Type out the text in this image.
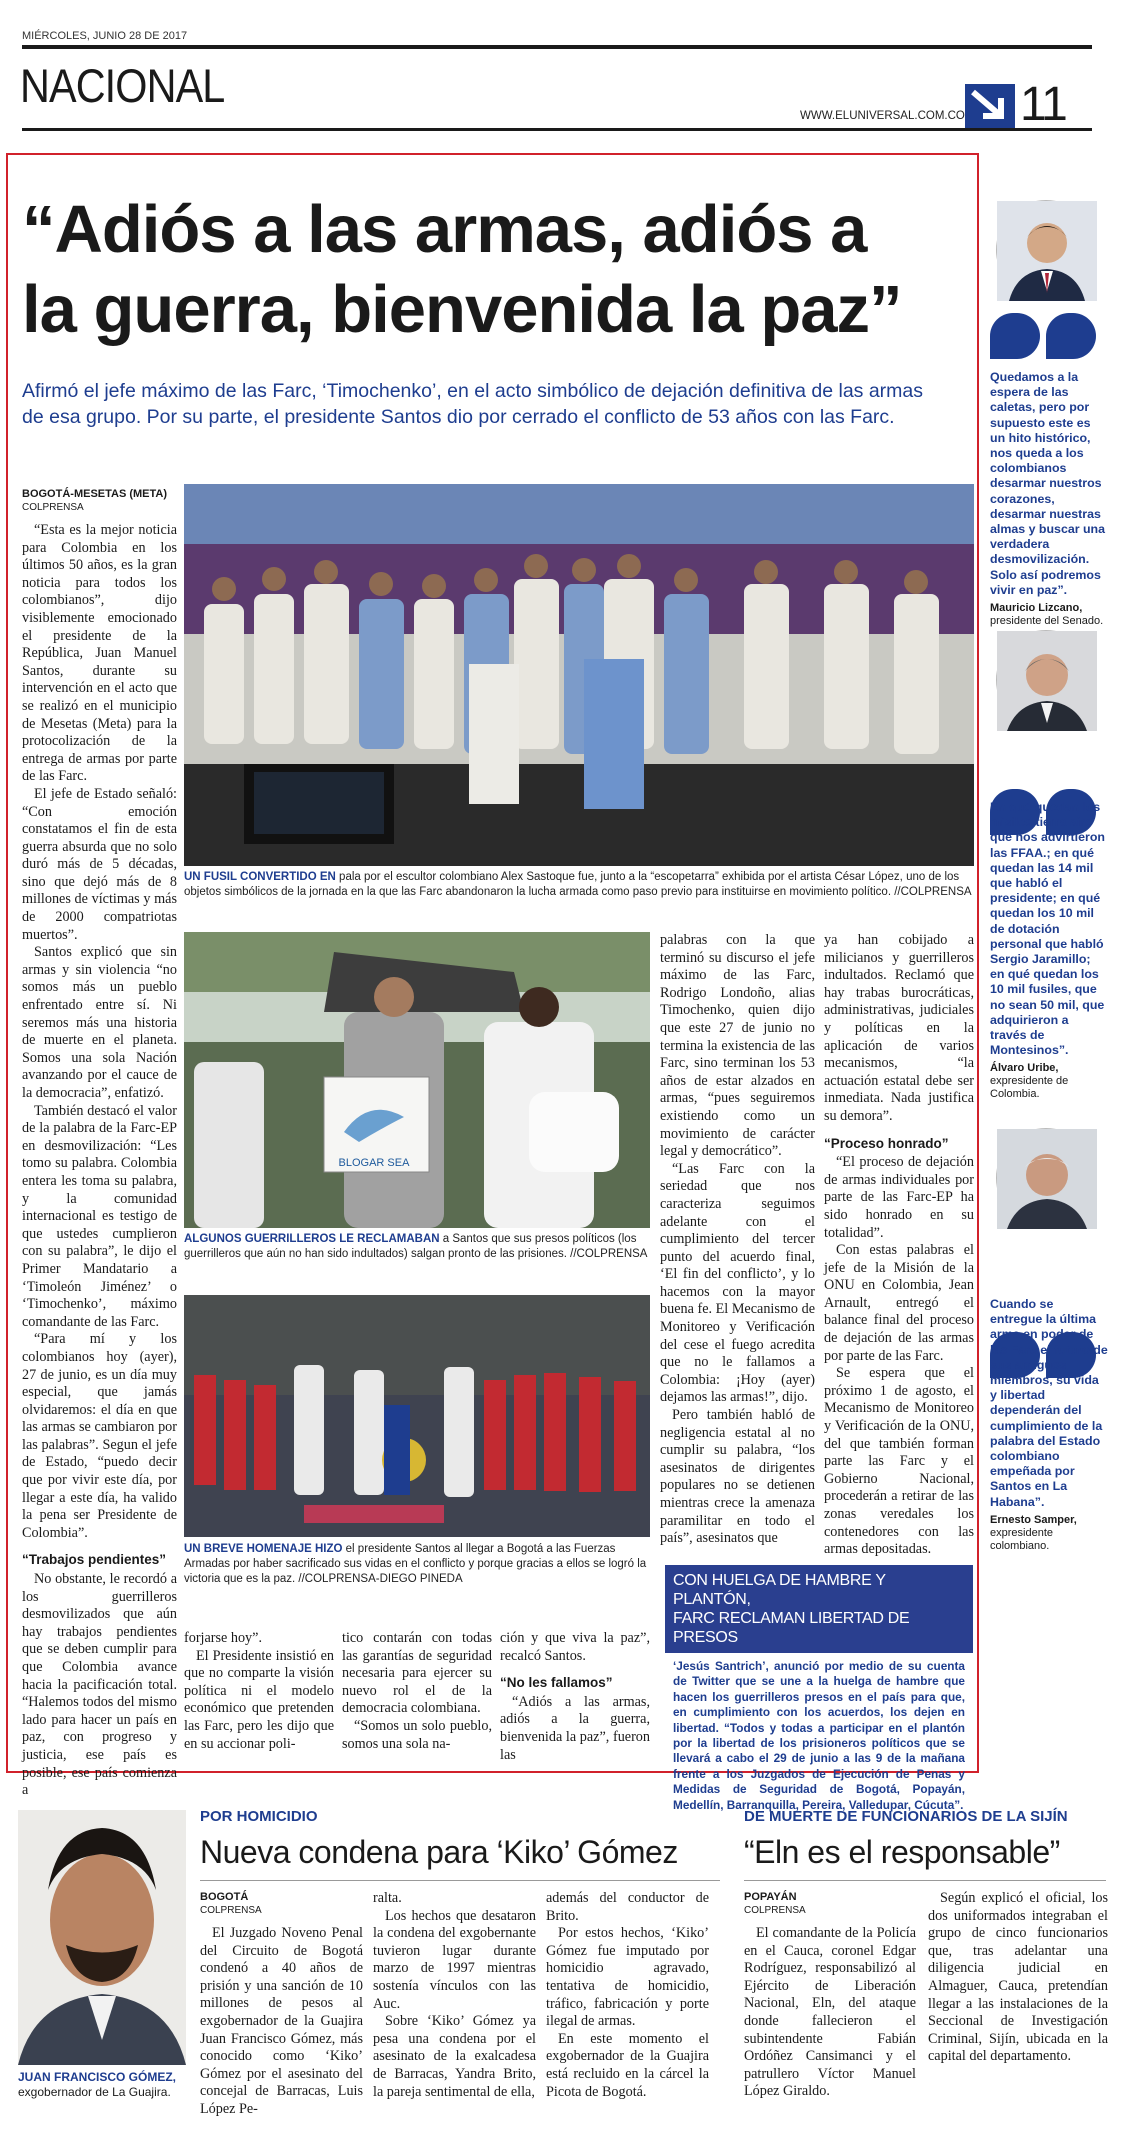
MIÉRCOLES, JUNIO 28 DE 2017
NACIONAL
WWW.ELUNIVERSAL.COM.CO 11
“Adiós a las armas, adiós a
la guerra, bienvenida la paz”
Afirmó el jefe máximo de las Farc, ‘Timochenko’, en el acto simbólico de dejación definitiva de las armas
de esa grupo. Por su parte, el presidente Santos dio por cerrado el conflicto de 53 años con las Farc.

BOGOTÁ-MESETAS (META)

COLPRENSA

“Esta es la mejor noticia para Colombia en los últimos 50 años, es la gran noticia para todos los colombianos”, dijo visiblemente emocionado el presidente de la República, Juan Manuel Santos, durante su intervención en el acto que se realizó en el municipio de Mesetas (Meta) para la protocolización de la entrega de armas por parte de las Farc.

El jefe de Estado señaló: “Con emoción constatamos el fin de esta guerra absurda que no solo duró más de 5 décadas, sino que dejó más de 8 millones de víctimas y más de 2000 compatriotas muertos”.

Santos explicó que sin armas y sin violencia “no somos más un pueblo enfrentado entre sí. Ni seremos más una historia de muerte en el planeta. Somos una sola Nación avanzando por el cauce de la democracia”, enfatizó.

También destacó el valor de la palabra de la Farc-EP en desmovilización: “Les tomo su palabra. Colombia entera les toma su palabra, y la comunidad internacional es testigo de que ustedes cumplieron con su palabra”, le dijo el Primer Mandatario a ‘Timoleón Jiménez’ o ‘Timochenko’, máximo comandante de las Farc.

“Para mí y los colombianos hoy (ayer), 27 de junio, es un día muy especial, que jamás olvidaremos: el día en que las armas se cambiaron por las palabras”. Segun el jefe de Estado, “puedo decir que por vivir este día, por llegar a este día, ha valido la pena ser Presidente de Colombia”.

“Trabajos pendientes”

No obstante, le recordó a los guerrilleros desmovilizados que aún hay trabajos pendientes que se deben cumplir para que Colombia avance hacia la pacificación total. “Halemos todos del mismo lado para hacer un país en paz, con progreso y justicia, ese país es posible, ese país comienza a

UN FUSIL CONVERTIDO EN pala por el escultor colombiano Alex Sastoque fue, junto a la “escopetarra” exhibida por el artista César López, uno de los objetos simbólicos de la jornada en la que las Farc abandonaron la lucha armada como paso previo para instituirse en movimiento político. //COLPRENSA
BLOGAR SEA
ALGUNOS GUERRILLEROS LE RECLAMABAN a Santos que sus presos políticos (los guerrilleros que aún no han sido indultados) salgan pronto de las prisiones. //COLPRENSA
UN BREVE HOMENAJE HIZO el presidente Santos al llegar a Bogotá a las Fuerzas Armadas por haber sacrificado sus vidas en el conflicto y porque gracias a ellos se logró la victoria que es la paz. //COLPRENSA-DIEGO PINEDA

forjarse hoy”.

El Presidente insistió en que no comparte la visión política ni el modelo económico que pretenden las Farc, pero les dijo que en su accionar poli-

tico contarán con todas las garantías de seguridad necesaria para ejercer su nuevo rol el de la democracia colombiana.

“Somos un solo pueblo, somos una sola na-

palabras con la que terminó su discurso el jefe máximo de las Farc, Rodrigo Londoño, alias Timochenko, quien dijo que este 27 de junio no termina la existencia de las Farc, sino terminan los 53 años de estar alzados en armas, “pues seguiremos existiendo como un movimiento de carácter legal y democrático”.

“Las Farc con la seriedad que nos caracteriza seguimos adelante con el cumplimiento del tercer punto del acuerdo final, ‘El fin del conflicto’, y lo hacemos con la mayor buena fe. El Mecanismo de Monitoreo y Verificación del cese el fuego acredita que no le fallamos a Colombia: ¡Hoy (ayer) dejamos las armas!”, dijo.

Pero también habló de negligencia estatal al no cumplir su palabra, “los asesinatos de dirigentes populares no se detienen mientras crece la amenaza paramilitar en todo el país”, asesinatos que

ción y que viva la paz”, recalcó Santos.

“No les fallamos”

“Adiós a las armas, adiós a la guerra, bienvenida la paz”, fueron las

ya han cobijado a milicianos y guerrilleros indultados. Reclamó que hay trabas burocráticas, administrativas, judiciales y políticas en la aplicación de varios mecanismos, “la actuación estatal debe ser inmediata. Nada justifica su demora”.

“Proceso honrado”

“El proceso de dejación de armas individuales por parte de las Farc-EP ha sido honrado en su totalidad”.

Con estas palabras el jefe de la Misión de la ONU en Colombia, Jean Arnault, entregó el balance final del proceso de dejación de las armas por parte de las Farc.

Se espera que el próximo 1 de agosto, el Mecanismo de Monitoreo y Verificación de la ONU, del que también forman parte las Farc y el Gobierno Nacional, procederán a retirar de las zonas veredales los contenedores con las armas depositadas.

CON HUELGA DE HAMBRE Y PLANTÓN,
FARC RECLAMAN LIBERTAD DE PRESOS
‘Jesús Santrich’, anunció por medio de su cuenta de Twitter que se une a la huelga de hambre que hacen los guerrilleros presos en el país para que, en cumplimiento con los acuerdos, los dejen en libertad. “Todos y todas a participar en el plantón por la libertad de los prisioneros políticos que se llevará a cabo el 29 de junio a las 9 de la mañana frente a los Juzgados de Ejecución de Penas y Medidas de Seguridad de Bogotá, Popayán, Medellín, Barranquilla, Pereira, Valledupar, Cúcuta”.
Quedamos a la espera de las caletas, pero por supuesto este es un hito histórico, nos queda a los colombianos desarmar nuestros corazones, desarmar nuestras almas y buscar una verdadera desmovilización. Solo así podremos vivir en paz”.
Mauricio Lizcano,
presidente del Senado.
En qué quedan los misiles tierra aire que nos advirtieron las FFAA.; en qué quedan las 14 mil que habló el presidente; en qué quedan los 10 mil de dotación personal que habló Sergio Jaramillo; en qué quedan los 10 mil fusiles, que no sean 50 mil, que adquirieron a través de Montesinos”.
Álvaro Uribe,
expresidente de Colombia.
Cuando se entregue la última arma en poder de las Farc el futuro de sus antiguos miembros, su vida y libertad dependerán del cumplimiento de la palabra del Estado colombiano empeñada por Santos en La Habana”.
Ernesto Samper,
expresidente colombiano.
JUAN FRANCISCO GÓMEZ, exgobernador de La Guajira.
POR HOMICIDIO
Nueva condena para ‘Kiko’ Gómez

BOGOTÁ

COLPRENSA

El Juzgado Noveno Penal del Circuito de Bogotá condenó a 40 años de prisión y una sanción de 10 millones de pesos al exgobernador de la Guajira Juan Francisco Gómez, más conocido como ‘Kiko’ Gómez por el asesinato del concejal de Barracas, Luis López Pe-

ralta.

Los hechos que desataron la condena del exgobernante tuvieron lugar durante marzo de 1997 mientras sostenía vínculos con las Auc.

Sobre ‘Kiko’ Gómez ya pesa una condena por el asesinato de la exalcadesa de Barracas, Yandra Brito, la pareja sentimental de ella,

además del conductor de Brito.

Por estos hechos, ‘Kiko’ Gómez fue imputado por homicidio agravado, tentativa de homicidio, tráfico, fabricación y porte ilegal de armas.

En este momento el exgobernador de la Guajira está recluido en la cárcel la Picota de Bogotá.

DE MUERTE DE FUNCIONARIOS DE LA SIJÍN
“Eln es el responsable”

POPAYÁN

COLPRENSA

El comandante de la Policía en el Cauca, coronel Edgar Rodríguez, responsabilizó al Ejército de Liberación Nacional, Eln, del ataque donde fallecieron el subintendente Fabián Ordóñez Cansimanci y el patrullero Víctor Manuel López Giraldo.

Según explicó el oficial, los dos uniformados integraban el grupo de cinco funcionarios que, tras adelantar una diligencia judicial en Almaguer, Cauca, pretendían llegar a las instalaciones de la Seccional de Investigación Criminal, Sijín, ubicada en la capital del departamento.
